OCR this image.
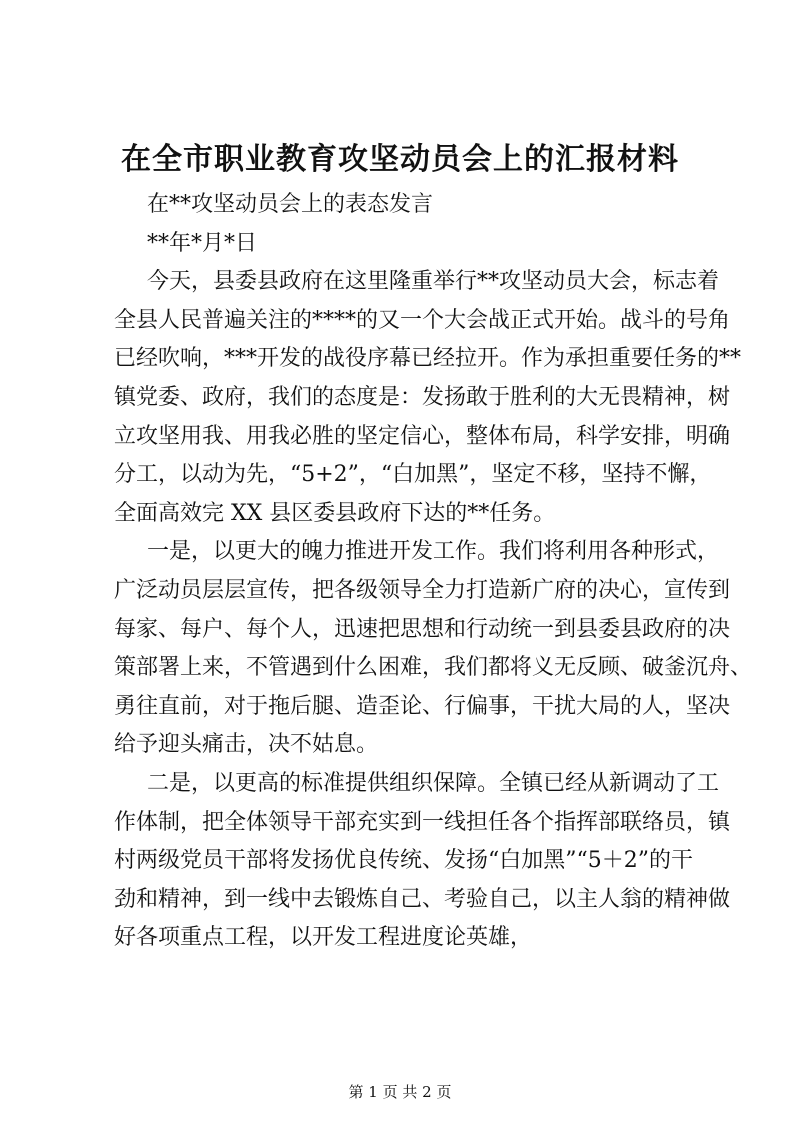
在全市职业教育攻坚动员会上的汇报材料
在**攻坚动员会上的表态发言
**年*月*日
今天，县委县政府在这里隆重举行**攻坚动员大会，标志着
全县人民普遍关注的****的又一个大会战正式开始。战斗的号角
已经吹响，***开发的战役序幕已经拉开。作为承担重要任务的**
镇党委、政府，我们的态度是：发扬敢于胜利的大无畏精神，树
立攻坚用我、用我必胜的坚定信心，整体布局，科学安排，明确
分工，以动为先，“5+2”，“白加黑”，坚定不移，坚持不懈，
全面高效完 XX 县区委县政府下达的**任务。
一是，以更大的魄力推进开发工作。我们将利用各种形式，
广泛动员层层宣传，把各级领导全力打造新广府的决心，宣传到
每家、每户、每个人，迅速把思想和行动统一到县委县政府的决
策部署上来，不管遇到什么困难，我们都将义无反顾、破釜沉舟、
勇往直前，对于拖后腿、造歪论、行偏事，干扰大局的人，坚决
给予迎头痛击，决不姑息。
二是，以更高的标准提供组织保障。全镇已经从新调动了工
作体制，把全体领导干部充实到一线担任各个指挥部联络员，镇
村两级党员干部将发扬优良传统、发扬“白加黑”“5＋2”的干
劲和精神，到一线中去锻炼自己、考验自己，以主人翁的精神做
好各项重点工程，以开发工程进度论英雄，
第 1 页 共 2 页
